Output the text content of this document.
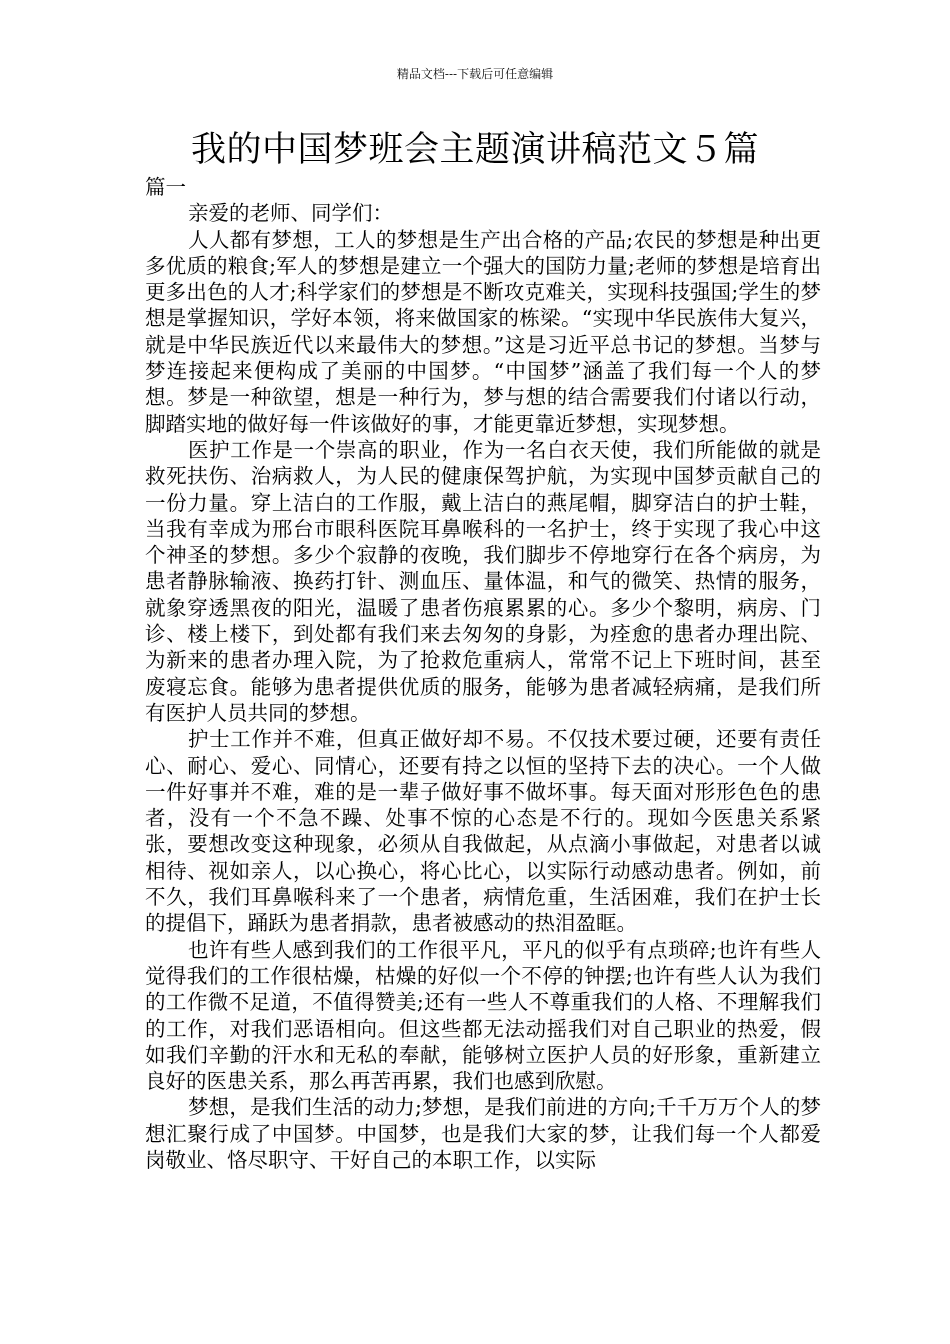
精品文档---下载后可任意编辑
我的中国梦班会主题演讲稿范文５篇

篇一

亲爱的老师、同学们：

人人都有梦想，工人的梦想是生产出合格的产品;农民的梦想是种出更多优质的粮食;军人的梦想是建立一个强大的国防力量;老师的梦想是培育出更多出色的人才;科学家们的梦想是不断攻克难关，实现科技强国;学生的梦想是掌握知识，学好本领，将来做国家的栋梁。“实现中华民族伟大复兴，就是中华民族近代以来最伟大的梦想。”这是习近平总书记的梦想。当梦与梦连接起来便构成了美丽的中国梦。“中国梦”涵盖了我们每一个人的梦想。梦是一种欲望，想是一种行为，梦与想的结合需要我们付诸以行动，脚踏实地的做好每一件该做好的事，才能更靠近梦想，实现梦想。

医护工作是一个崇高的职业，作为一名白衣天使，我们所能做的就是救死扶伤、治病救人，为人民的健康保驾护航，为实现中国梦贡献自己的一份力量。穿上洁白的工作服，戴上洁白的燕尾帽，脚穿洁白的护士鞋，当我有幸成为邢台市眼科医院耳鼻喉科的一名护士，终于实现了我心中这个神圣的梦想。多少个寂静的夜晚，我们脚步不停地穿行在各个病房，为患者静脉输液、换药打针、测血压、量体温，和气的微笑、热情的服务，就象穿透黑夜的阳光，温暖了患者伤痕累累的心。多少个黎明，病房、门诊、楼上楼下，到处都有我们来去匆匆的身影，为痊愈的患者办理出院、为新来的患者办理入院，为了抢救危重病人，常常不记上下班时间，甚至废寝忘食。能够为患者提供优质的服务，能够为患者减轻病痛，是我们所有医护人员共同的梦想。

护士工作并不难，但真正做好却不易。不仅技术要过硬，还要有责任心、耐心、爱心、同情心，还要有持之以恒的坚持下去的决心。一个人做一件好事并不难，难的是一辈子做好事不做坏事。每天面对形形色色的患者，没有一个不急不躁、处事不惊的心态是不行的。现如今医患关系紧张，要想改变这种现象，必须从自我做起，从点滴小事做起，对患者以诚相待、视如亲人，以心换心，将心比心，以实际行动感动患者。例如，前不久，我们耳鼻喉科来了一个患者，病情危重，生活困难，我们在护士长的提倡下，踊跃为患者捐款，患者被感动的热泪盈眶。

也许有些人感到我们的工作很平凡，平凡的似乎有点琐碎;也许有些人觉得我们的工作很枯燥，枯燥的好似一个不停的钟摆;也许有些人认为我们的工作微不足道，不值得赞美;还有一些人不尊重我们的人格、不理解我们的工作，对我们恶语相向。但这些都无法动摇我们对自己职业的热爱，假如我们辛勤的汗水和无私的奉献，能够树立医护人员的好形象，重新建立良好的医患关系，那么再苦再累，我们也感到欣慰。

梦想，是我们生活的动力;梦想，是我们前进的方向;千千万万个人的梦想汇聚行成了中国梦。中国梦，也是我们大家的梦，让我们每一个人都爱岗敬业、恪尽职守、干好自己的本职工作，以实际
